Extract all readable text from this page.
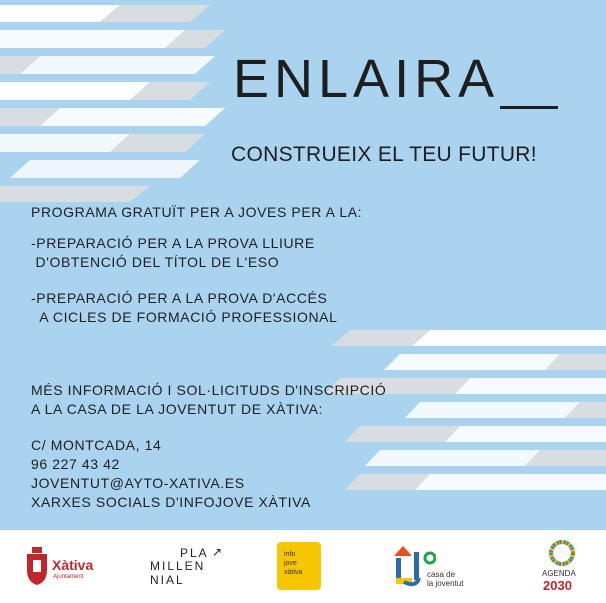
ENLAIRA
CONSTRUEIX EL TEU FUTUR!
PROGRAMA GRATUÏT PER A JOVES PER A LA:
-PREPARACIÓ PER A LA PROVA LLIURE
D'OBTENCIÓ DEL TÍTOL DE L'ESO
-PREPARACIÓ PER A LA PROVA D'ACCÉS
A CICLES DE FORMACIÓ PROFESSIONAL
MÉS INFORMACIÓ I SOL·LICITUDS D'INSCRIPCIÓ
A LA CASA DE LA JOVENTUT DE XÀTIVA:
C/ MONTCADA, 14
96 227 43 42
JOVENTUT@AYTO-XATIVA.ES
XARXES SOCIALS D'INFOJOVE XÀTIVA
Xàtiva
Ajuntament
PLA ↗
MILLEN
NIAL
info
jove
xàtiva	casa de
la joventut
AGENDA
2030
